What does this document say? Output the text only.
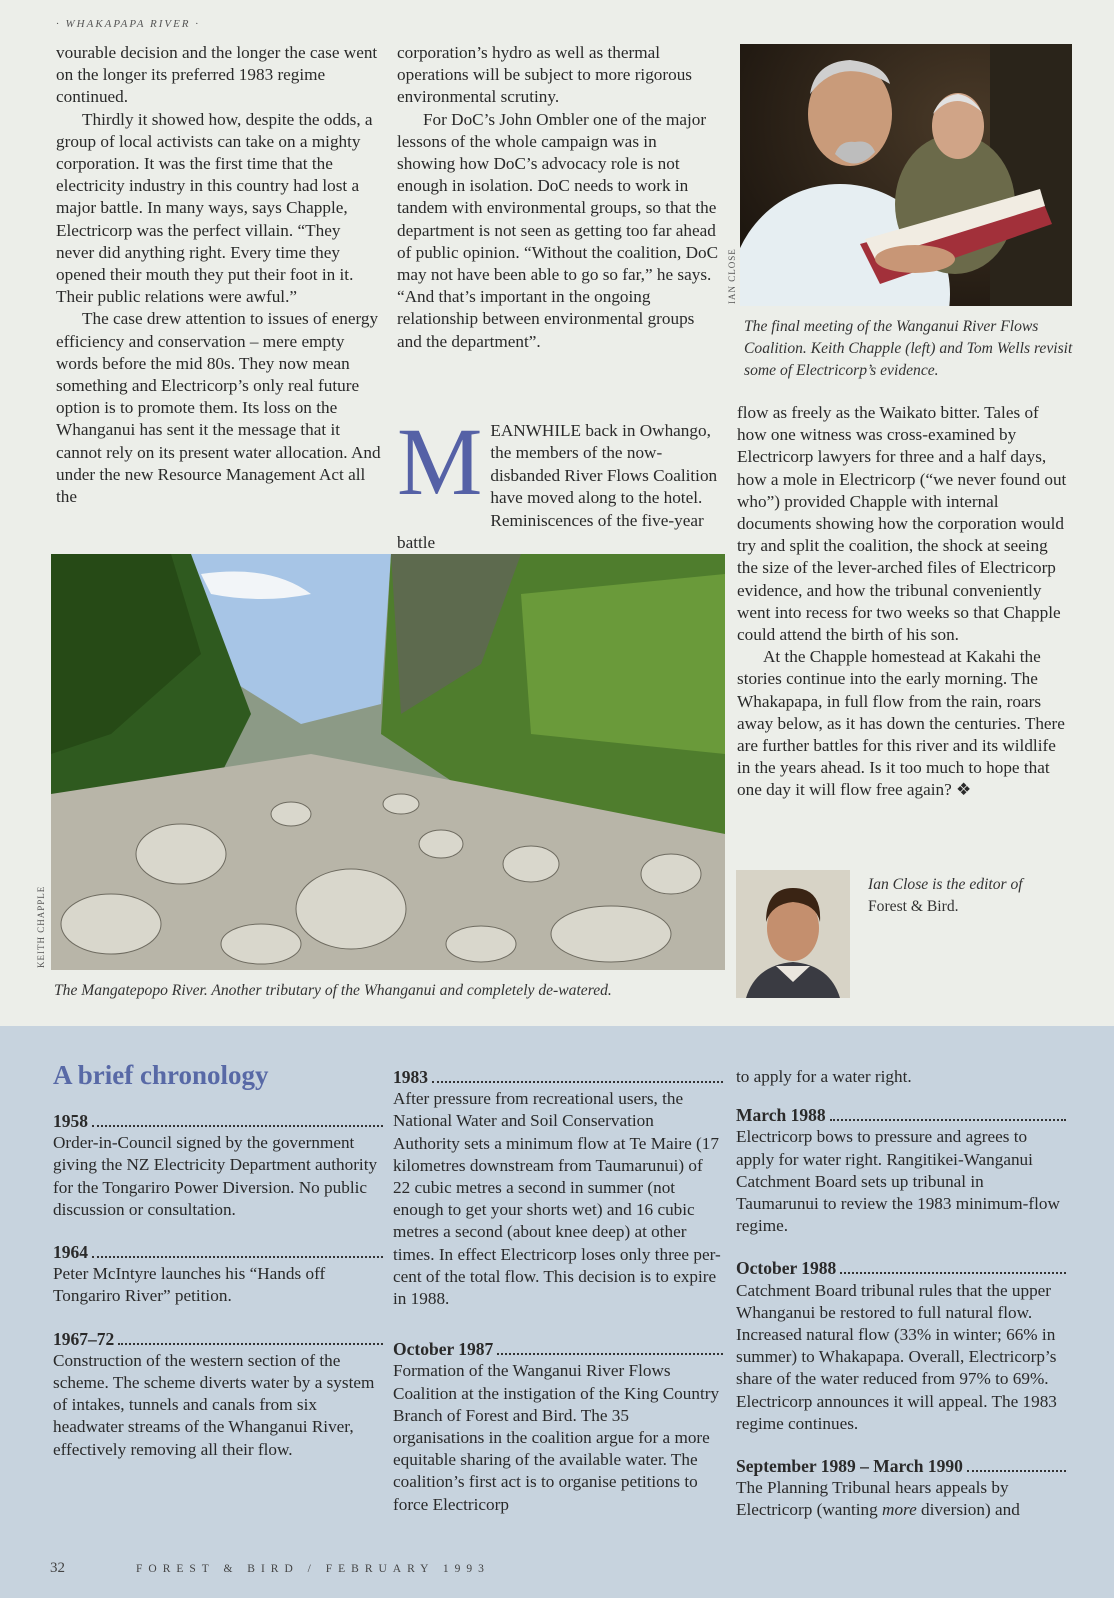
· WHAKAPAPA RIVER ·

vourable decision and the longer the case went on the longer its preferred 1983 regime continued.

Thirdly it showed how, despite the odds, a group of local activists can take on a mighty corporation. It was the first time that the electricity industry in this country had lost a major battle. In many ways, says Chapple, Electricorp was the perfect villain. “They never did anything right. Every time they opened their mouth they put their foot in it. Their public relations were awful.”

The case drew attention to issues of energy efficiency and conservation – mere empty words before the mid 80s. They now mean something and Electricorp’s only real future option is to promote them. Its loss on the Whanganui has sent it the message that it cannot rely on its present water allocation. And under the new Resource Management Act all the

corporation’s hydro as well as thermal operations will be subject to more rigorous environmental scrutiny.

For DoC’s John Ombler one of the major lessons of the whole campaign was in showing how DoC’s advocacy role is not enough in isolation. DoC needs to work in tandem with environmental groups, so that the department is not seen as getting too far ahead of public opinion. “Without the coalition, DoC may not have been able to go so far,” he says. “And that’s important in the ongoing relationship between environmental groups and the department”.

M EANWHILE back in Owhango, the members of the now-disbanded River Flows Coalition have moved along to the hotel. Reminiscences of the five-year battle

flow as freely as the Waikato bitter. Tales of how one witness was cross-examined by Electricorp lawyers for three and a half days, how a mole in Electricorp (“we never found out who”) provided Chapple with internal documents showing how the corporation would try and split the coalition, the shock at seeing the size of the lever-arched files of Electricorp evidence, and how the tribunal conveniently went into recess for two weeks so that Chapple could attend the birth of his son.

At the Chapple homestead at Kakahi the stories continue into the early morning. The Whakapapa, in full flow from the rain, roars away below, as it has down the centuries. There are further battles for this river and its wildlife in the years ahead. Is it too much to hope that one day it will flow free again? ❖

IAN CLOSE
The final meeting of the Wanganui River Flows Coalition. Keith Chapple (left) and Tom Wells revisit some of Electricorp’s evidence.
KEITH CHAPPLE
The Mangatepopo River. Another tributary of the Whanganui and completely de-watered.
Ian Close is the editor of
Forest & Bird.
A brief chronology
1958

Order-in-Council signed by the government giving the NZ Electricity Department authority for the Tongariro Power Diversion. No public discussion or consultation.

1964

Peter McIntyre launches his “Hands off Tongariro River” petition.

1967–72

Construction of the western section of the scheme. The scheme diverts water by a system of intakes, tunnels and canals from six headwater streams of the Whanganui River, effectively removing all their flow.

1983

After pressure from recreational users, the National Water and Soil Conservation Authority sets a minimum flow at Te Maire (17 kilometres downstream from Taumarunui) of 22 cubic metres a second in summer (not enough to get your shorts wet) and 16 cubic metres a second (about knee deep) at other times. In effect Electricorp loses only three per-cent of the total flow. This decision is to expire in 1988.

October 1987

Formation of the Wanganui River Flows Coalition at the instigation of the King Country Branch of Forest and Bird. The 35 organisations in the coalition argue for a more equitable sharing of the available water. The coalition’s first act is to organise petitions to force Electricorp

to apply for a water right.

March 1988

Electricorp bows to pressure and agrees to apply for water right. Rangitikei-Wanganui Catchment Board sets up tribunal in Taumarunui to review the 1983 minimum-flow regime.

October 1988

Catchment Board tribunal rules that the upper Whanganui be restored to full natural flow. Increased natural flow (33% in winter; 66% in summer) to Whakapapa. Overall, Electricorp’s share of the water reduced from 97% to 69%. Electricorp announces it will appeal. The 1983 regime continues.

September 1989 – March 1990

The Planning Tribunal hears appeals by Electricorp (wanting more diversion) and

32	FOREST & BIRD / FEBRUARY 1993
